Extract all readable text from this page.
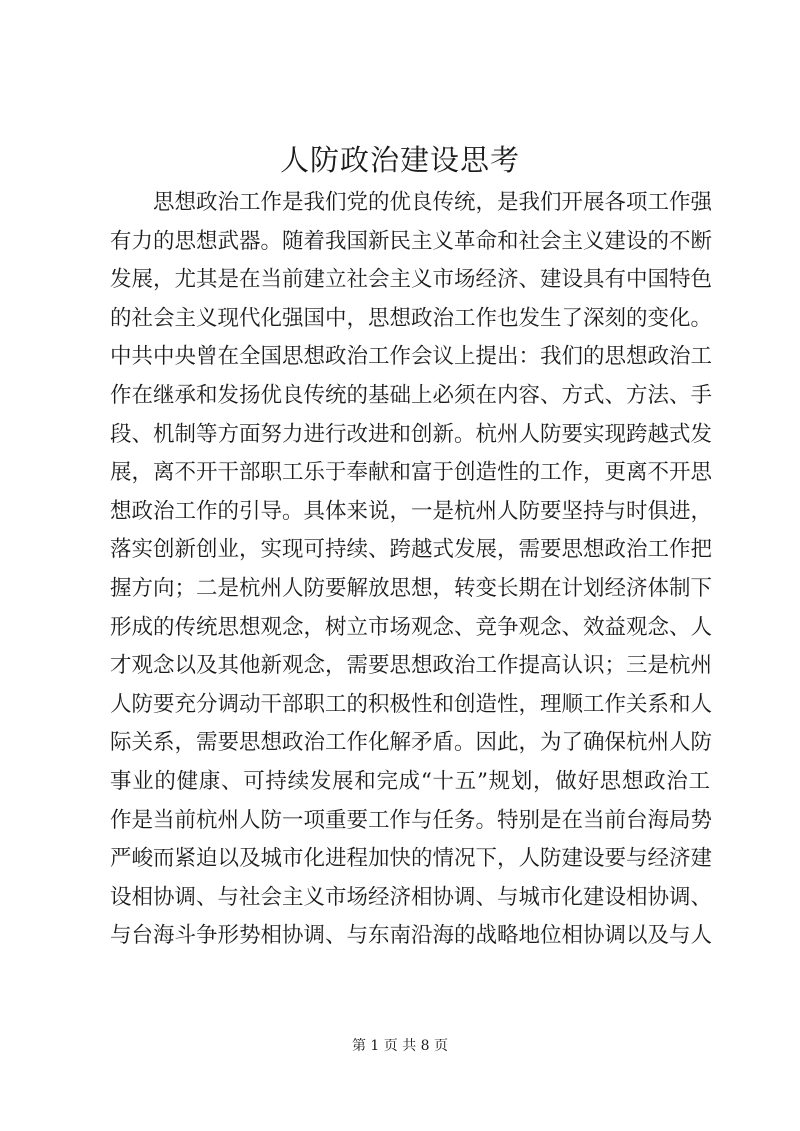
人防政治建设思考
思想政治工作是我们党的优良传统，是我们开展各项工作强
有力的思想武器。随着我国新民主义革命和社会主义建设的不断
发展，尤其是在当前建立社会主义市场经济、建设具有中国特色
的社会主义现代化强国中，思想政治工作也发生了深刻的变化。
中共中央曾在全国思想政治工作会议上提出：我们的思想政治工
作在继承和发扬优良传统的基础上必须在内容、方式、方法、手
段、机制等方面努力进行改进和创新。杭州人防要实现跨越式发
展，离不开干部职工乐于奉献和富于创造性的工作，更离不开思
想政治工作的引导。具体来说，一是杭州人防要坚持与时俱进，
落实创新创业，实现可持续、跨越式发展，需要思想政治工作把
握方向；二是杭州人防要解放思想，转变长期在计划经济体制下
形成的传统思想观念，树立市场观念、竞争观念、效益观念、人
才观念以及其他新观念，需要思想政治工作提高认识；三是杭州
人防要充分调动干部职工的积极性和创造性，理顺工作关系和人
际关系，需要思想政治工作化解矛盾。因此，为了确保杭州人防
事业的健康、可持续发展和完成“十五”规划，做好思想政治工
作是当前杭州人防一项重要工作与任务。特别是在当前台海局势
严峻而紧迫以及城市化进程加快的情况下，人防建设要与经济建
设相协调、与社会主义市场经济相协调、与城市化建设相协调、
与台海斗争形势相协调、与东南沿海的战略地位相协调以及与人
第 1 页 共 8 页
